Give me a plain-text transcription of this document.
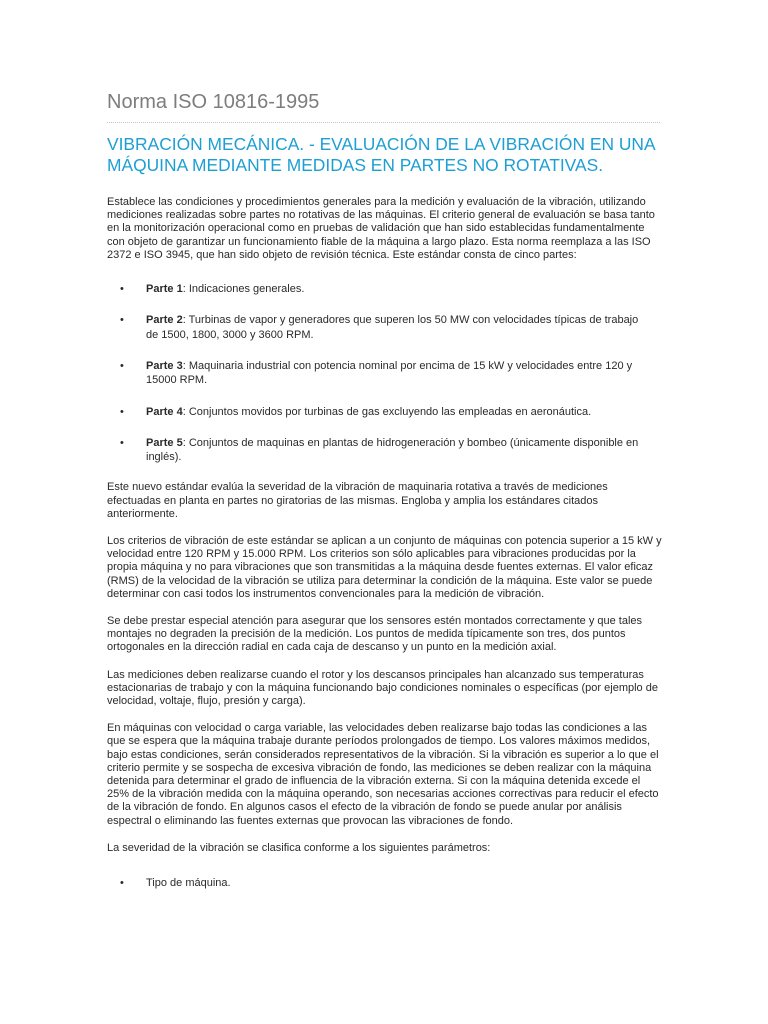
Norma ISO 10816-1995
VIBRACIÓN MECÁNICA. - EVALUACIÓN DE LA VIBRACIÓN EN UNA MÁQUINA MEDIANTE MEDIDAS EN PARTES NO ROTATIVAS.

Establece las condiciones y procedimientos generales para la medición y evaluación de la vibración, utilizando mediciones realizadas sobre partes no rotativas de las máquinas. El criterio general de evaluación se basa tanto en la monitorización operacional como en pruebas de validación que han sido establecidas fundamentalmente con objeto de garantizar un funcionamiento fiable de la máquina a largo plazo. Esta norma reemplaza a las ISO 2372 e ISO 3945, que han sido objeto de revisión técnica. Este estándar consta de cinco partes:

• Parte 1: Indicaciones generales.
• Parte 2: Turbinas de vapor y generadores que superen los 50 MW con velocidades típicas de trabajo de 1500, 1800, 3000 y 3600 RPM.
• Parte 3: Maquinaria industrial con potencia nominal por encima de 15 kW y velocidades entre 120 y 15000 RPM.
• Parte 4: Conjuntos movidos por turbinas de gas excluyendo las empleadas en aeronáutica.
• Parte 5: Conjuntos de maquinas en plantas de hidrogeneración y bombeo (únicamente disponible en inglés).

Este nuevo estándar evalúa la severidad de la vibración de maquinaria rotativa a través de mediciones efectuadas en planta en partes no giratorias de las mismas. Engloba y amplia los estándares citados anteriormente.

Los criterios de vibración de este estándar se aplican a un conjunto de máquinas con potencia superior a 15 kW y velocidad entre 120 RPM y 15.000 RPM. Los criterios son sólo aplicables para vibraciones producidas por la propia máquina y no para vibraciones que son transmitidas a la máquina desde fuentes externas. El valor eficaz (RMS) de la velocidad de la vibración se utiliza para determinar la condición de la máquina. Este valor se puede determinar con casi todos los instrumentos convencionales para la medición de vibración.

Se debe prestar especial atención para asegurar que los sensores estén montados correctamente y que tales montajes no degraden la precisión de la medición. Los puntos de medida típicamente son tres, dos puntos ortogonales en la dirección radial en cada caja de descanso y un punto en la medición axial.

Las mediciones deben realizarse cuando el rotor y los descansos principales han alcanzado sus temperaturas estacionarias de trabajo y con la máquina funcionando bajo condiciones nominales o específicas (por ejemplo de velocidad, voltaje, flujo, presión y carga).

En máquinas con velocidad o carga variable, las velocidades deben realizarse bajo todas las condiciones a las que se espera que la máquina trabaje durante períodos prolongados de tiempo. Los valores máximos medidos, bajo estas condiciones, serán considerados representativos de la vibración. Si la vibración es superior a lo que el criterio permite y se sospecha de excesiva vibración de fondo, las mediciones se deben realizar con la máquina detenida para determinar el grado de influencia de la vibración externa. Si con la máquina detenida excede el 25% de la vibración medida con la máquina operando, son necesarias acciones correctivas para reducir el efecto de la vibración de fondo. En algunos casos el efecto de la vibración de fondo se puede anular por análisis espectral o eliminando las fuentes externas que provocan las vibraciones de fondo.

La severidad de la vibración se clasifica conforme a los siguientes parámetros:

• Tipo de máquina.
